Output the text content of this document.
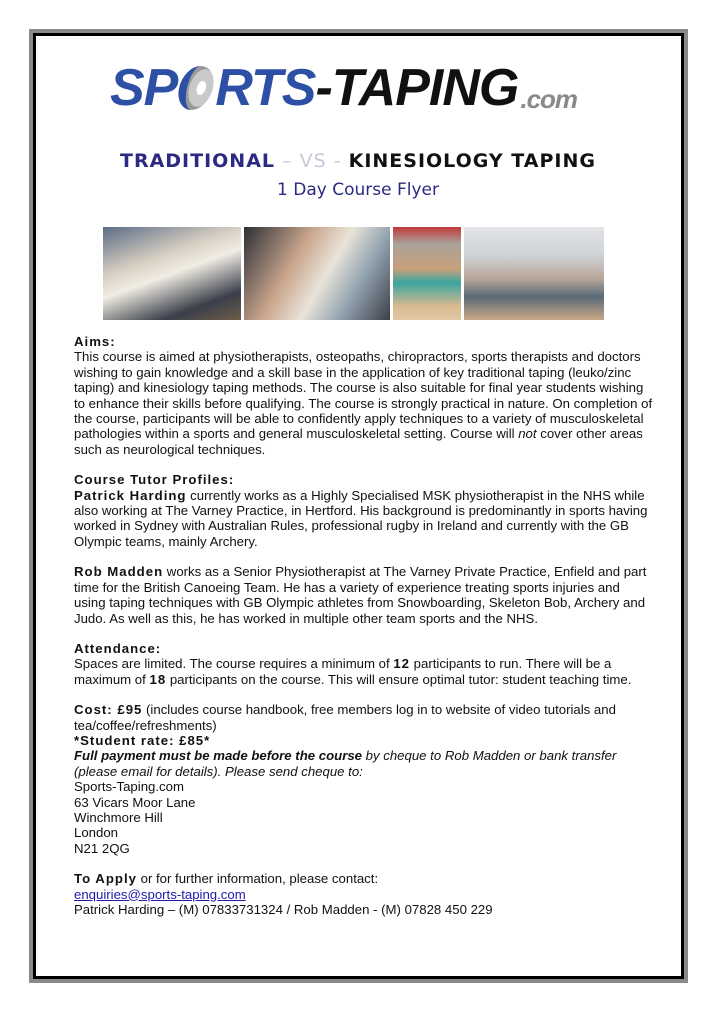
SP RTS -TAPING .com
TRADITIONAL – VS - KINESIOLOGY TAPING
1 Day Course Flyer

Aims:

This course is aimed at physiotherapists, osteopaths, chiropractors, sports therapists and doctors wishing to gain knowledge and a skill base in the application of key traditional taping (leuko/zinc taping) and kinesiology taping methods. The course is also suitable for final year students wishing to enhance their skills before qualifying. The course is strongly practical in nature. On completion of the course, participants will be able to confidently apply techniques to a variety of musculoskeletal pathologies within a sports and general musculoskeletal setting. Course will not cover other areas such as neurological techniques.

Course Tutor Profiles:

Patrick Harding currently works as a Highly Specialised MSK physiotherapist in the NHS while also working at The Varney Practice, in Hertford. His background is predominantly in sports having worked in Sydney with Australian Rules, professional rugby in Ireland and currently with the GB Olympic teams, mainly Archery.

Rob Madden works as a Senior Physiotherapist at The Varney Private Practice, Enfield and part time for the British Canoeing Team. He has a variety of experience treating sports injuries and using taping techniques with GB Olympic athletes from Snowboarding, Skeleton Bob, Archery and Judo. As well as this, he has worked in multiple other team sports and the NHS.

Attendance:

Spaces are limited. The course requires a minimum of 12 participants to run. There will be a maximum of 18 participants on the course. This will ensure optimal tutor: student teaching time.

Cost: £95 (includes course handbook, free members log in to website of video tutorials and tea/coffee/refreshments)

*Student rate: £85*

Full payment must be made before the course by cheque to Rob Madden or bank transfer (please email for details). Please send cheque to:

Sports-Taping.com

63 Vicars Moor Lane

Winchmore Hill

London

N21 2QG

To Apply or for further information, please contact:

enquiries@sports-taping.com

Patrick Harding – (M) 07833731324 / Rob Madden - (M) 07828 450 229
